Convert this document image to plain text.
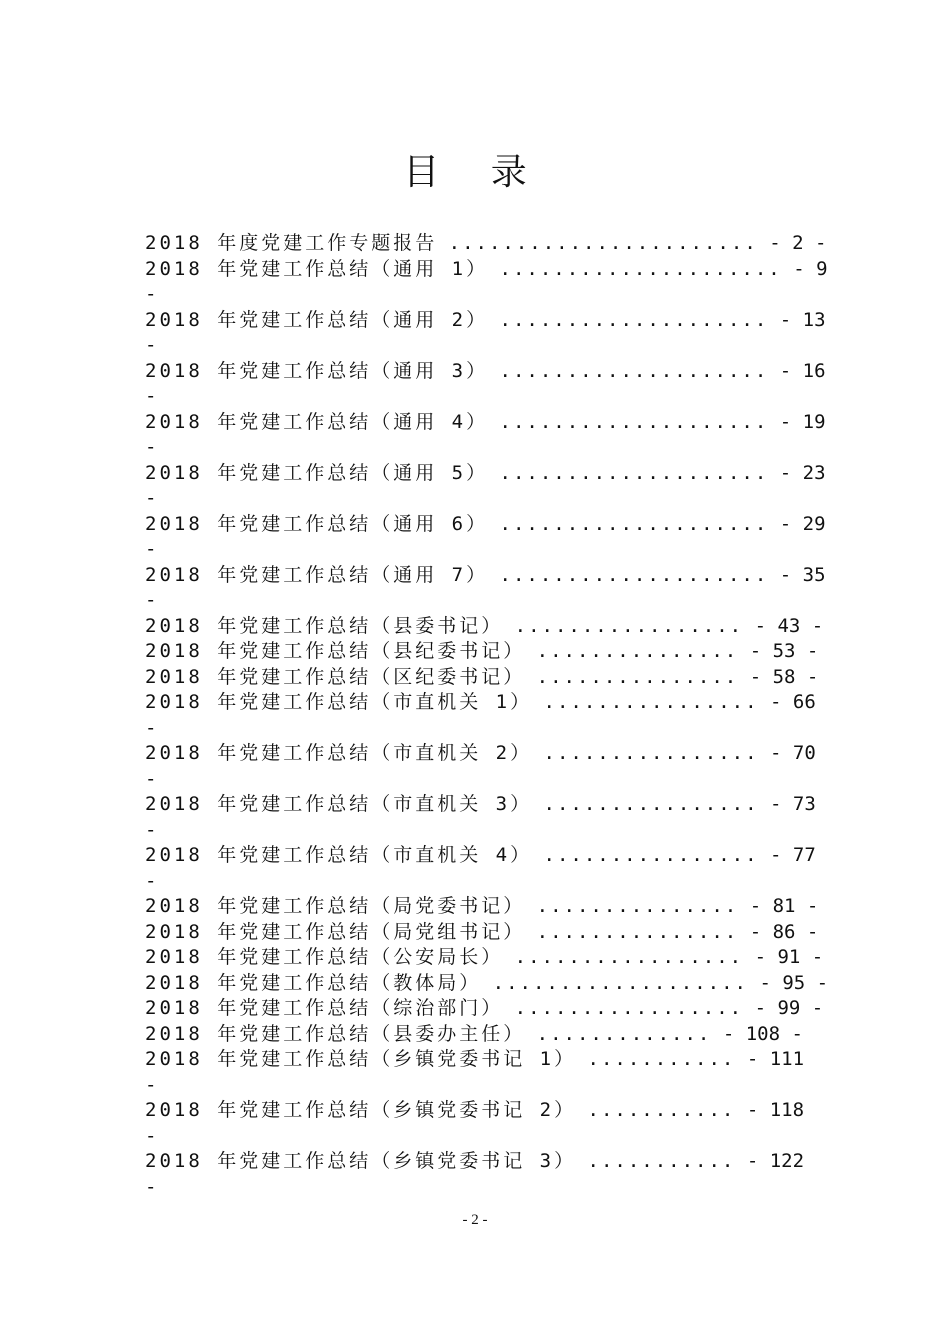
目 录
2018 年度党建工作专题报告 ....................... - 2 -
2018 年党建工作总结（通用 1） ..................... - 9
-
2018 年党建工作总结（通用 2） .................... - 13
-
2018 年党建工作总结（通用 3） .................... - 16
-
2018 年党建工作总结（通用 4） .................... - 19
-
2018 年党建工作总结（通用 5） .................... - 23
-
2018 年党建工作总结（通用 6） .................... - 29
-
2018 年党建工作总结（通用 7） .................... - 35
-
2018 年党建工作总结（县委书记） ................. - 43 -
2018 年党建工作总结（县纪委书记） ............... - 53 -
2018 年党建工作总结（区纪委书记） ............... - 58 -
2018 年党建工作总结（市直机关 1） ................ - 66
-
2018 年党建工作总结（市直机关 2） ................ - 70
-
2018 年党建工作总结（市直机关 3） ................ - 73
-
2018 年党建工作总结（市直机关 4） ................ - 77
-
2018 年党建工作总结（局党委书记） ............... - 81 -
2018 年党建工作总结（局党组书记） ............... - 86 -
2018 年党建工作总结（公安局长） ................. - 91 -
2018 年党建工作总结（教体局） ................... - 95 -
2018 年党建工作总结（综治部门） ................. - 99 -
2018 年党建工作总结（县委办主任） ............. - 108 -
2018 年党建工作总结（乡镇党委书记 1） ........... - 111
-
2018 年党建工作总结（乡镇党委书记 2） ........... - 118
-
2018 年党建工作总结（乡镇党委书记 3） ........... - 122
-
- 2 -
